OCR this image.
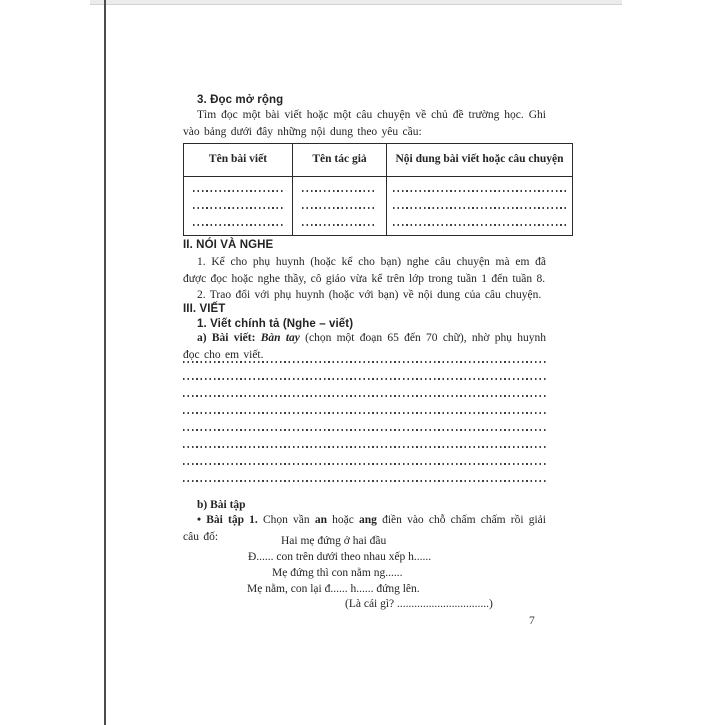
3. Đọc mở rộng

Tìm đọc một bài viết hoặc một câu chuyện về chủ đề trường học. Ghi vào bảng dưới đây những nội dung theo yêu cầu:

Tên bài viết	Tên tác giả	Nội dung bài viết hoặc câu chuyện

II. NÓI VÀ NGHE

1. Kể cho phụ huynh (hoặc kể cho bạn) nghe câu chuyện mà em đã được đọc hoặc nghe thầy, cô giáo vừa kể trên lớp trong tuần 1 đến tuần 8.

2. Trao đổi với phụ huynh (hoặc với bạn) về nội dung của câu chuyện.

III. VIẾT
1. Viết chính tả (Nghe – viết)

a) Bài viết: Bàn tay (chọn một đoạn 65 đến 70 chữ), nhờ phụ huynh đọc cho em viết.

b) Bài tập

• Bài tập 1. Chọn vần an hoặc ang điền vào chỗ chấm chấm rồi giải câu đố:	Hai mẹ đứng ở hai đầu
Đ...... con trên dưới theo nhau xếp h......
Mẹ đứng thì con nằm ng......
Mẹ nằm, con lại đ...... h...... đứng lên.
(Là cái gì? ................................)
7
